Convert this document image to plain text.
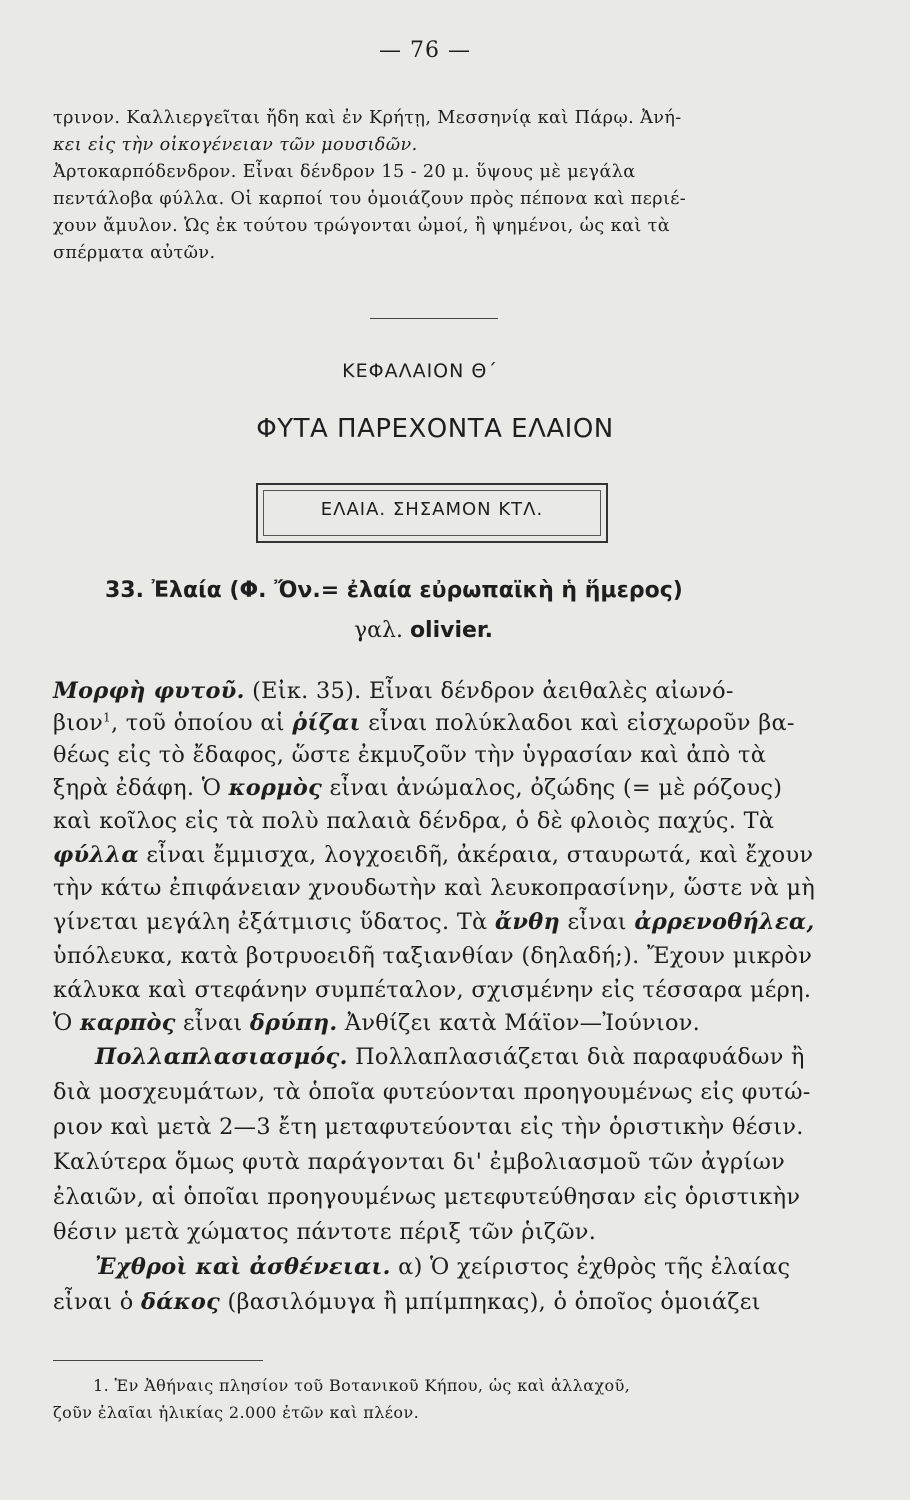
— 76 —
τρινον. Καλλιεργεῖται ἤδη καὶ ἐν Κρήτῃ, Μεσσηνίᾳ καὶ Πάρῳ. Ἀνή-
κει εἰς τὴν οἰκογένειαν τῶν μουσιδῶν.
Ἀρτοκαρπόδενδρον. Εἶναι δένδρον 15 - 20 μ. ὕψους μὲ μεγάλα
πεντάλοβα φύλλα. Οἱ καρποί του ὁμοιάζουν πρὸς πέπονα καὶ περιέ-
χουν ἄμυλον. Ὡς ἐκ τούτου τρώγονται ὠμοί, ἢ ψημένοι, ὡς καὶ τὰ
σπέρματα αὐτῶν.
ΚΕΦΑΛΑΙΟΝ Θ΄
ΦΥΤΑ ΠΑΡΕΧΟΝΤΑ ΕΛΑΙΟΝ
ΕΛΑΙΑ. ΣΗΣΑΜΟΝ ΚΤΛ.
33. Ἐλαία (Φ. Ὄν.= ἐλαία εὐρωπαϊκὴ ἡ ἥμερος)
γαλ. olivier.
Μορφὴ φυτοῦ. (Εἰκ. 35). Εἶναι δένδρον ἀειθαλὲς αἰωνό-
βιον$^1$, τοῦ ὁποίου αἱ ῥίζαι εἶναι πολύκλαδοι καὶ εἰσχωροῦν βα-
θέως εἰς τὸ ἔδαφος, ὥστε ἐκμυζοῦν τὴν ὑγρασίαν καὶ ἀπὸ τὰ
ξηρὰ ἐδάφη. Ὁ κορμὸς εἶναι ἀνώμαλος, ὀζώδης (= μὲ ρόζους)
καὶ κοῖλος εἰς τὰ πολὺ παλαιὰ δένδρα, ὁ δὲ φλοιὸς παχύς. Τὰ
φύλλα εἶναι ἔμμισχα, λογχοειδῆ, ἀκέραια, σταυρωτά, καὶ ἔχουν
τὴν κάτω ἐπιφάνειαν χνουδωτὴν καὶ λευκοπρασίνην, ὥστε νὰ μὴ
γίνεται μεγάλη ἐξάτμισις ὕδατος. Τὰ ἄνθη εἶναι ἀρρενοθήλεα,
ὑπόλευκα, κατὰ βοτρυοειδῆ ταξιανθίαν (δηλαδή;). Ἔχουν μικρὸν
κάλυκα καὶ στεφάνην συμπέταλον, σχισμένην εἰς τέσσαρα μέρη.
Ὁ καρπὸς εἶναι δρύπη. Ἀνθίζει κατὰ Μάϊον—Ἰούνιον.
Πολλαπλασιασμός. Πολλαπλασιάζεται διὰ παραφυάδων ἢ
διὰ μοσχευμάτων, τὰ ὁποῖα φυτεύονται προηγουμένως εἰς φυτώ-
ριον καὶ μετὰ 2—3 ἔτη μεταφυτεύονται εἰς τὴν ὁριστικὴν θέσιν.
Καλύτερα ὅμως φυτὰ παράγονται δι' ἐμβολιασμοῦ τῶν ἀγρίων
ἐλαιῶν, αἱ ὁποῖαι προηγουμένως μετεφυτεύθησαν εἰς ὁριστικὴν
θέσιν μετὰ χώματος πάντοτε πέριξ τῶν ῥιζῶν.
Ἐχθροὶ καὶ ἀσθένειαι. α) Ὁ χείριστος ἐχθρὸς τῆς ἐλαίας
εἶναι ὁ δάκος (βασιλόμυγα ἢ μπίμπηκας), ὁ ὁποῖος ὁμοιάζει
1. Ἐν Ἀθήναις πλησίον τοῦ Βοτανικοῦ Κήπου, ὡς καὶ ἀλλαχοῦ,
ζοῦν ἐλαῖαι ἡλικίας 2.000 ἐτῶν καὶ πλέον.
